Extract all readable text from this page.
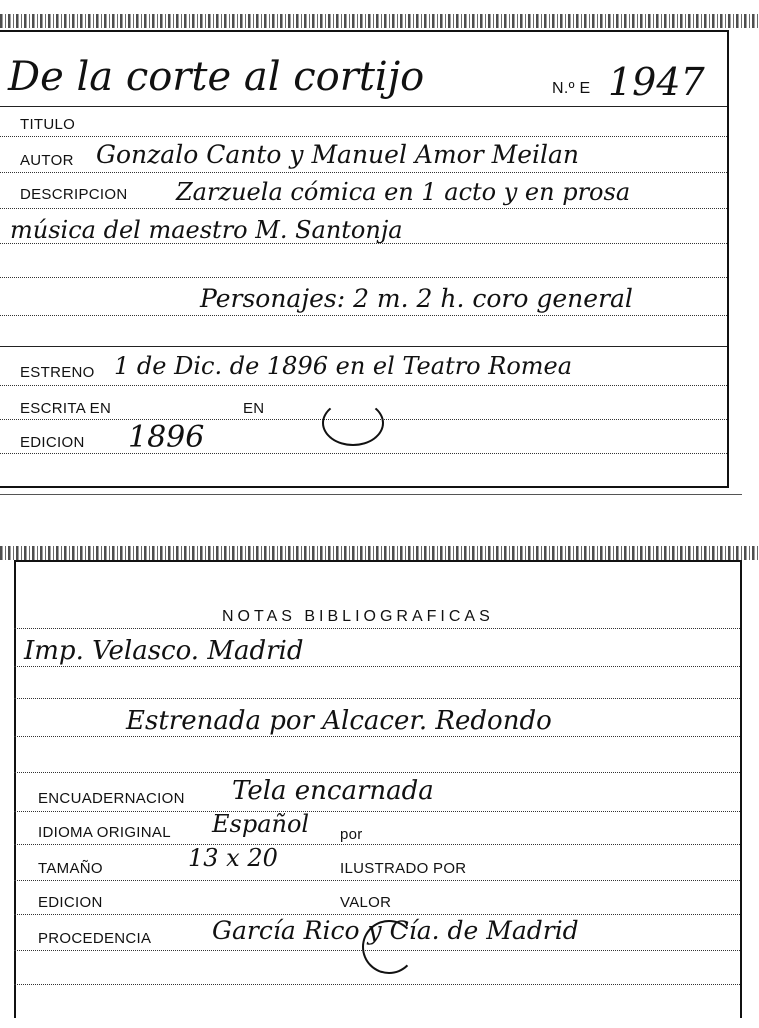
De la corte al cortijo	N.º E 1947
TITULO
AUTOR Gonzalo Canto y Manuel Amor Meilan
DESCRIPCION Zarzuela cómica en 1 acto y en prosa
música del maestro M. Santonja
Personajes: 2 m. 2 h. coro general
ESTRENO 1 de Dic. de 1896 en el Teatro Romea
ESCRITA EN	EN
EDICION 1896
NOTAS BIBLIOGRAFICAS
Imp. Velasco. Madrid
Estrenada por Alcacer. Redondo
ENCUADERNACION Tela encarnada
IDIOMA ORIGINAL Español por
TAMAÑO	13 x 20	ILUSTRADO POR
EDICION	VALOR
PROCEDENCIA García Rico y Cía. de Madrid
